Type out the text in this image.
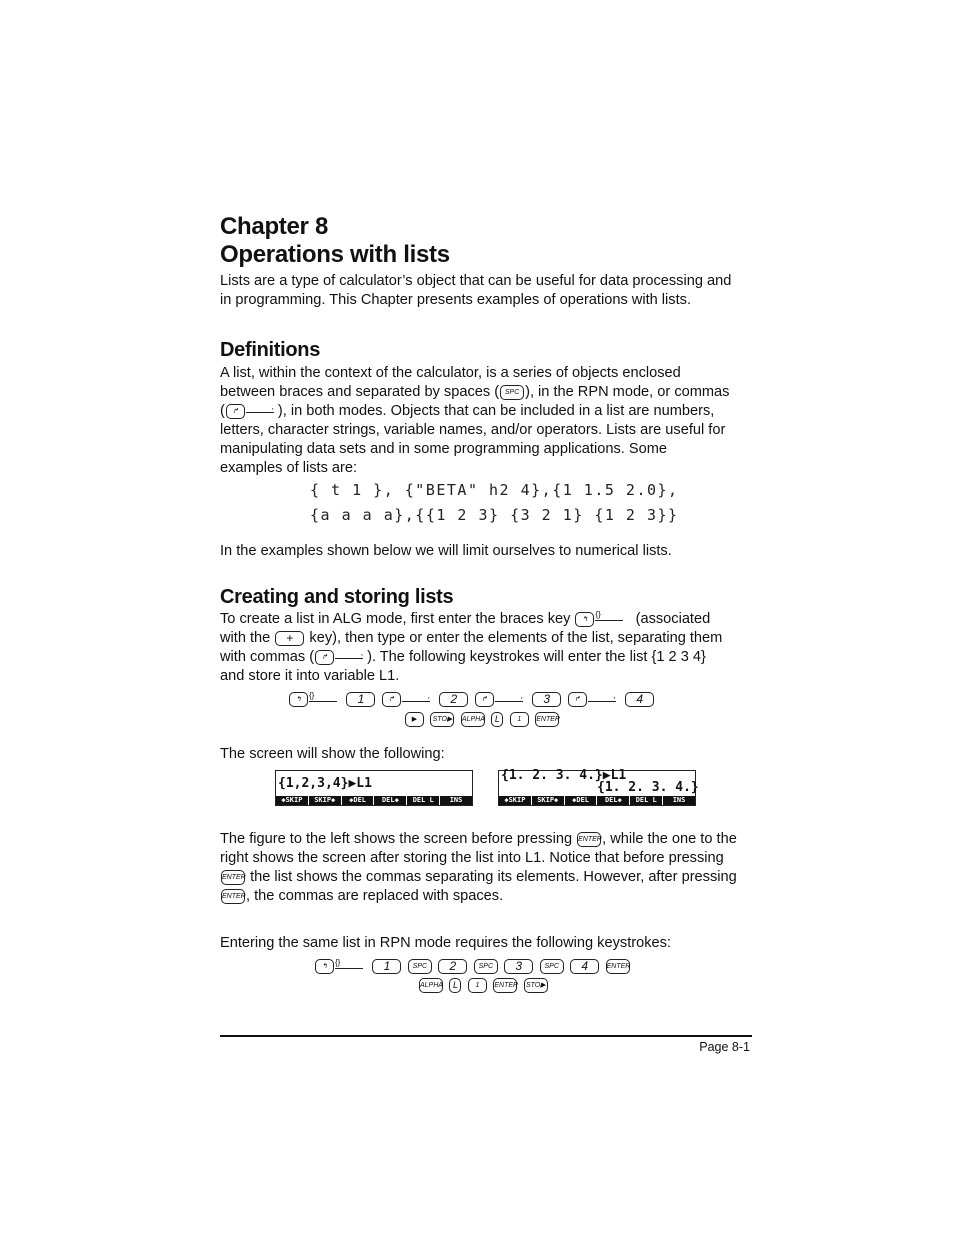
Chapter 8
Operations with lists
Lists are a type of calculator’s object that can be useful for data processing and
in programming. This Chapter presents examples of operations with lists.
Definitions
A list, within the context of the calculator, is a series of objects enclosed
between braces and separated by spaces ( SPC ), in the RPN mode, or commas
( ↱, ), in both modes. Objects that can be included in a list are numbers,
letters, character strings, variable names, and/or operators. Lists are useful for
manipulating data sets and in some programming applications. Some
examples of lists are:
{ t 1 }, {"BETA" h2 4},{1 1.5 2.0},
{a a a a},{{1 2 3} {3 2 1} {1 2 3}}

In the examples shown below we will limit ourselves to numerical lists.

Creating and storing lists
To create a list in ALG mode, first enter the braces key ↰{} (associated
with the + key), then type or enter the elements of the list, separating them
with commas ( ↱, ). The following keystrokes will enter the list {1 2 3 4}
and store it into variable L1.
↰ {}	1	↱	, 2	↱	, 3	↱	, 4
▶ STO▶ ALPHA L	1 ENTER

The screen will show the following:

{1,2,3,4}▶L1
◆SKIP	SKIP◆	◆DEL	DEL◆	DEL L	INS
{1. 2. 3. 4.}▶L1
{1. 2. 3. 4.}
◆SKIP	SKIP◆	◆DEL	DEL◆	DEL L	INS
The figure to the left shows the screen before pressing ENTER, while the one to the
right shows the screen after storing the list into L1. Notice that before pressing
ENTER the list shows the commas separating its elements. However, after pressing
ENTER, the commas are replaced with spaces.

Entering the same list in RPN mode requires the following keystrokes:

↰ {}	1	SPC 2	SPC 3	SPC 4	ENTER
ALPHA L	1 ENTER STO▶
Page 8-1
